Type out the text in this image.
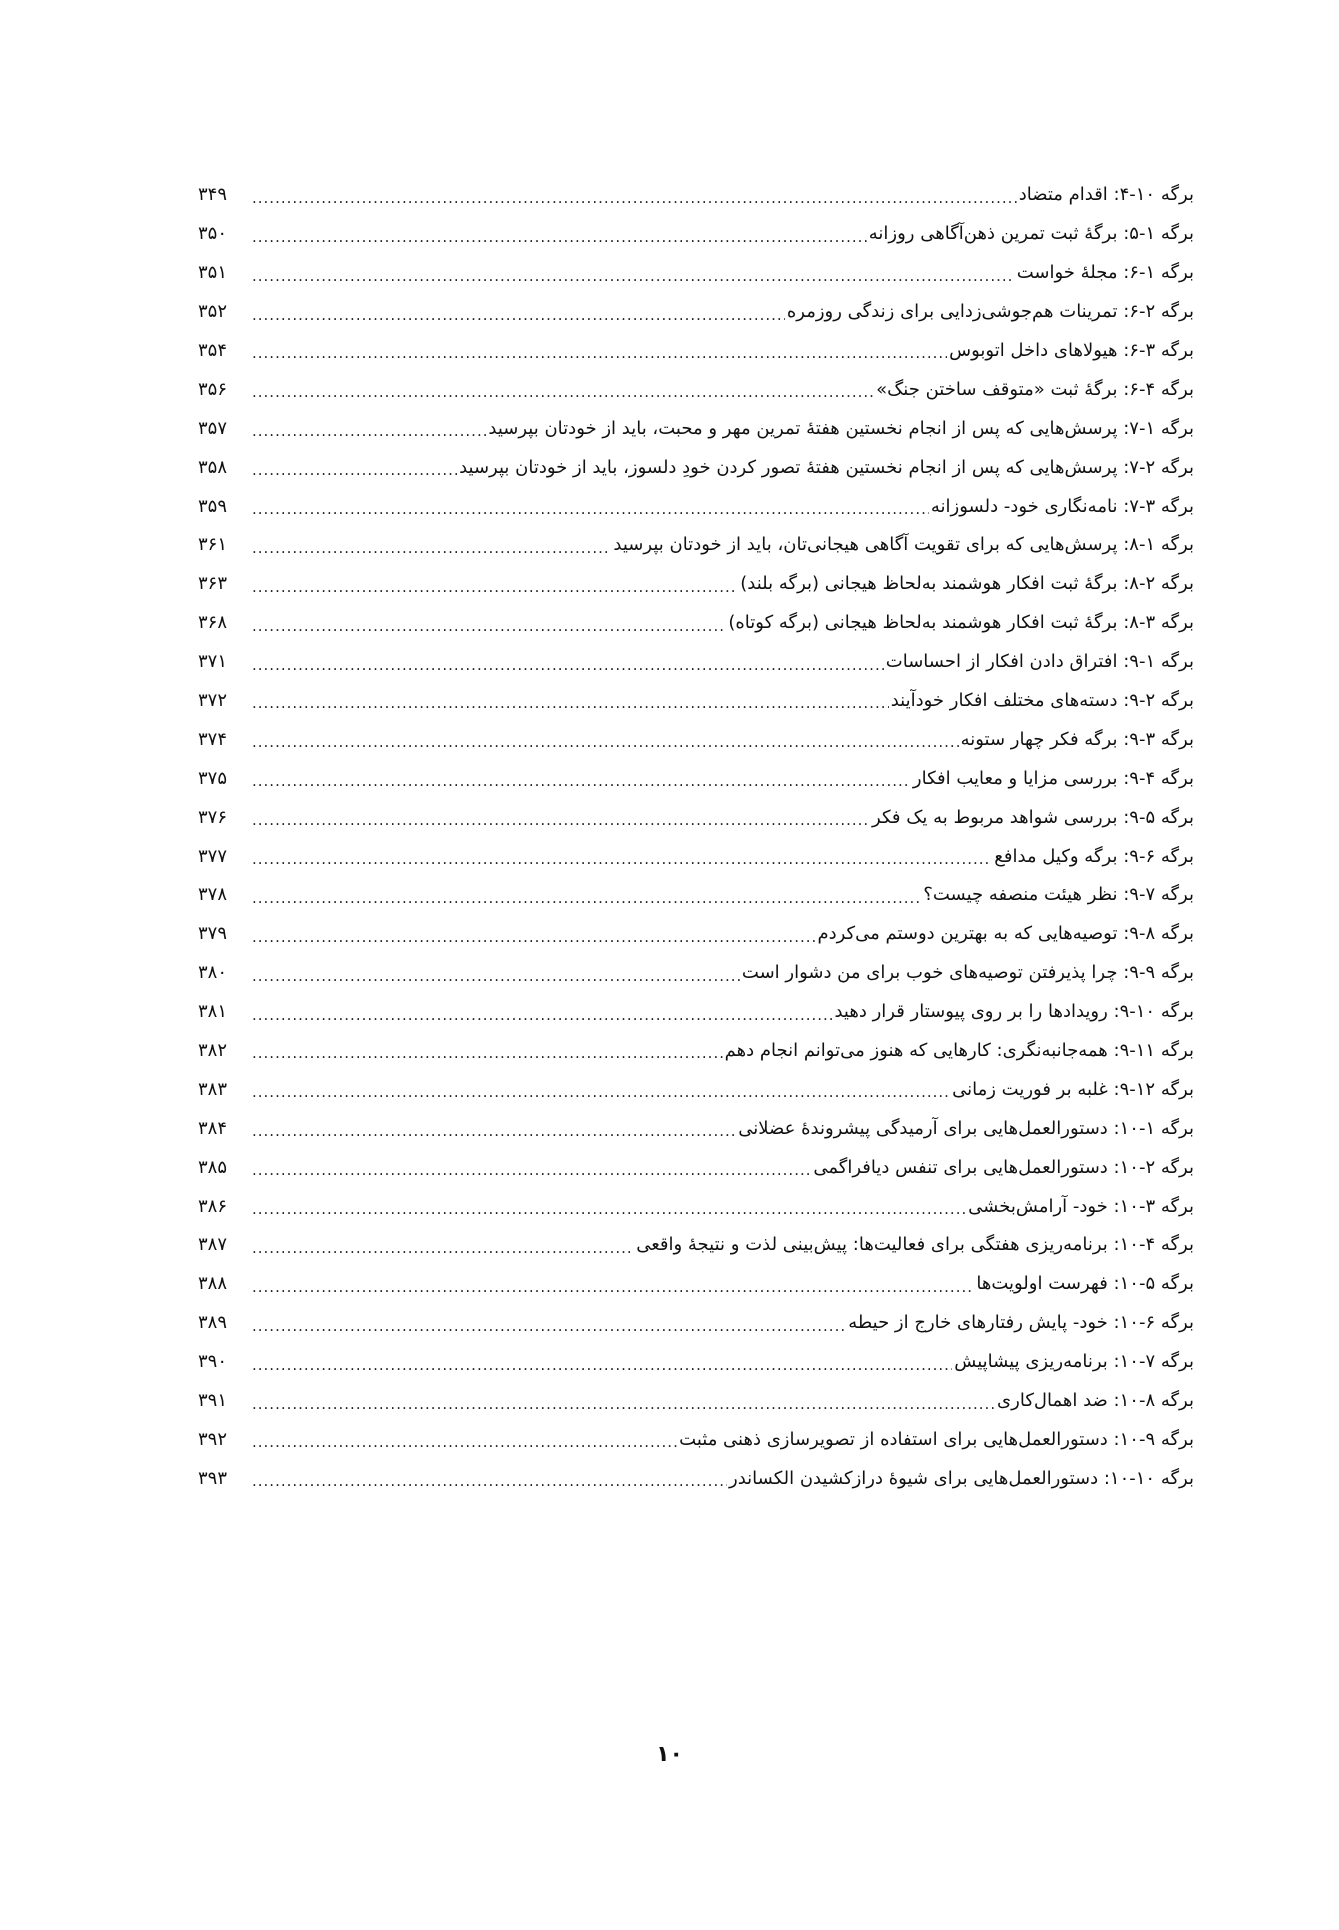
برگه ۱۰-۴: اقدام متضاد
.....
۳۴۹
برگه ۱-۵: برگۀ ثبت تمرین ذهن‌آگاهی روزانه
.....
۳۵۰
برگه ۱-۶: مجلۀ خواست
.....
۳۵۱
برگه ۲-۶: تمرینات هم‌جوشی‌زدایی برای زندگی روزمره
.....
۳۵۲
برگه ۳-۶: هیولاهای داخل اتوبوس
.....
۳۵۴
برگه ۴-۶: برگۀ ثبت «متوقف ساختن جنگ»
.....
۳۵۶
برگه ۱-۷: پرسش‌هایی که پس از انجام نخستین هفتۀ تمرین مهر و محبت، باید از خودتان بپرسید
.....
۳۵۷
برگه ۲-۷: پرسش‌هایی که پس از انجام نخستین هفتۀ تصور کردن خودِ دلسوز، باید از خودتان بپرسید
.....
۳۵۸
برگه ۳-۷: نامه‌نگاری خود- دلسوزانه
.....
۳۵۹
برگه ۱-۸: پرسش‌هایی که برای تقویت آگاهی هیجانی‌تان، باید از خودتان بپرسید
.....
۳۶۱
برگه ۲-۸: برگۀ ثبت افکار هوشمند به‌لحاظ هیجانی (برگه بلند)
.....
۳۶۳
برگه ۳-۸: برگۀ ثبت افکار هوشمند به‌لحاظ هیجانی (برگه کوتاه)
.....
۳۶۸
برگه ۱-۹: افتراق دادن افکار از احساسات
.....
۳۷۱
برگه ۲-۹: دسته‌های مختلف افکار خودآیند
.....
۳۷۲
برگه ۳-۹: برگه فکر چهار ستونه
.....
۳۷۴
برگه ۴-۹: بررسی مزایا و معایب افکار
.....
۳۷۵
برگه ۵-۹: بررسی شواهد مربوط به یک فکر
.....
۳۷۶
برگه ۶-۹: برگه وکیل مدافع
.....
۳۷۷
برگه ۷-۹: نظر هیئت منصفه چیست؟
.....
۳۷۸
برگه ۸-۹: توصیه‌هایی که به بهترین دوستم می‌کردم
.....
۳۷۹
برگه ۹-۹: چرا پذیرفتن توصیه‌های خوب برای من دشوار است
.....
۳۸۰
برگه ۱۰-۹: رویدادها را بر روی پیوستار قرار دهید
.....
۳۸۱
برگه ۱۱-۹: همه‌جانبه‌نگری: کارهایی که هنوز می‌توانم انجام دهم
.....
۳۸۲
برگه ۱۲-۹: غلبه بر فوریت زمانی
.....
۳۸۳
برگه ۱-۱۰: دستورالعمل‌هایی برای آرمیدگی پیشروندۀ عضلانی
.....
۳۸۴
برگه ۲-۱۰: دستورالعمل‌هایی برای تنفس دیافراگمی
.....
۳۸۵
برگه ۳-۱۰: خود- آرامش‌بخشی
.....
۳۸۶
برگه ۴-۱۰: برنامه‌ریزی هفتگی برای فعالیت‌ها: پیش‌بینی لذت و نتیجۀ واقعی
.....
۳۸۷
برگه ۵-۱۰: فهرست اولویت‌ها
.....
۳۸۸
برگه ۶-۱۰: خود- پایش رفتارهای خارج از حیطه
.....
۳۸۹
برگه ۷-۱۰: برنامه‌ریزی پیشاپیش
.....
۳۹۰
برگه ۸-۱۰: ضد اهمال‌کاری
.....
۳۹۱
برگه ۹-۱۰: دستورالعمل‌هایی برای استفاده از تصویرسازی ذهنی مثبت
.....
۳۹۲
برگه ۱۰-۱۰: دستورالعمل‌هایی برای شیوۀ درازکشیدن الکساندر
.....
۳۹۳
۱۰
